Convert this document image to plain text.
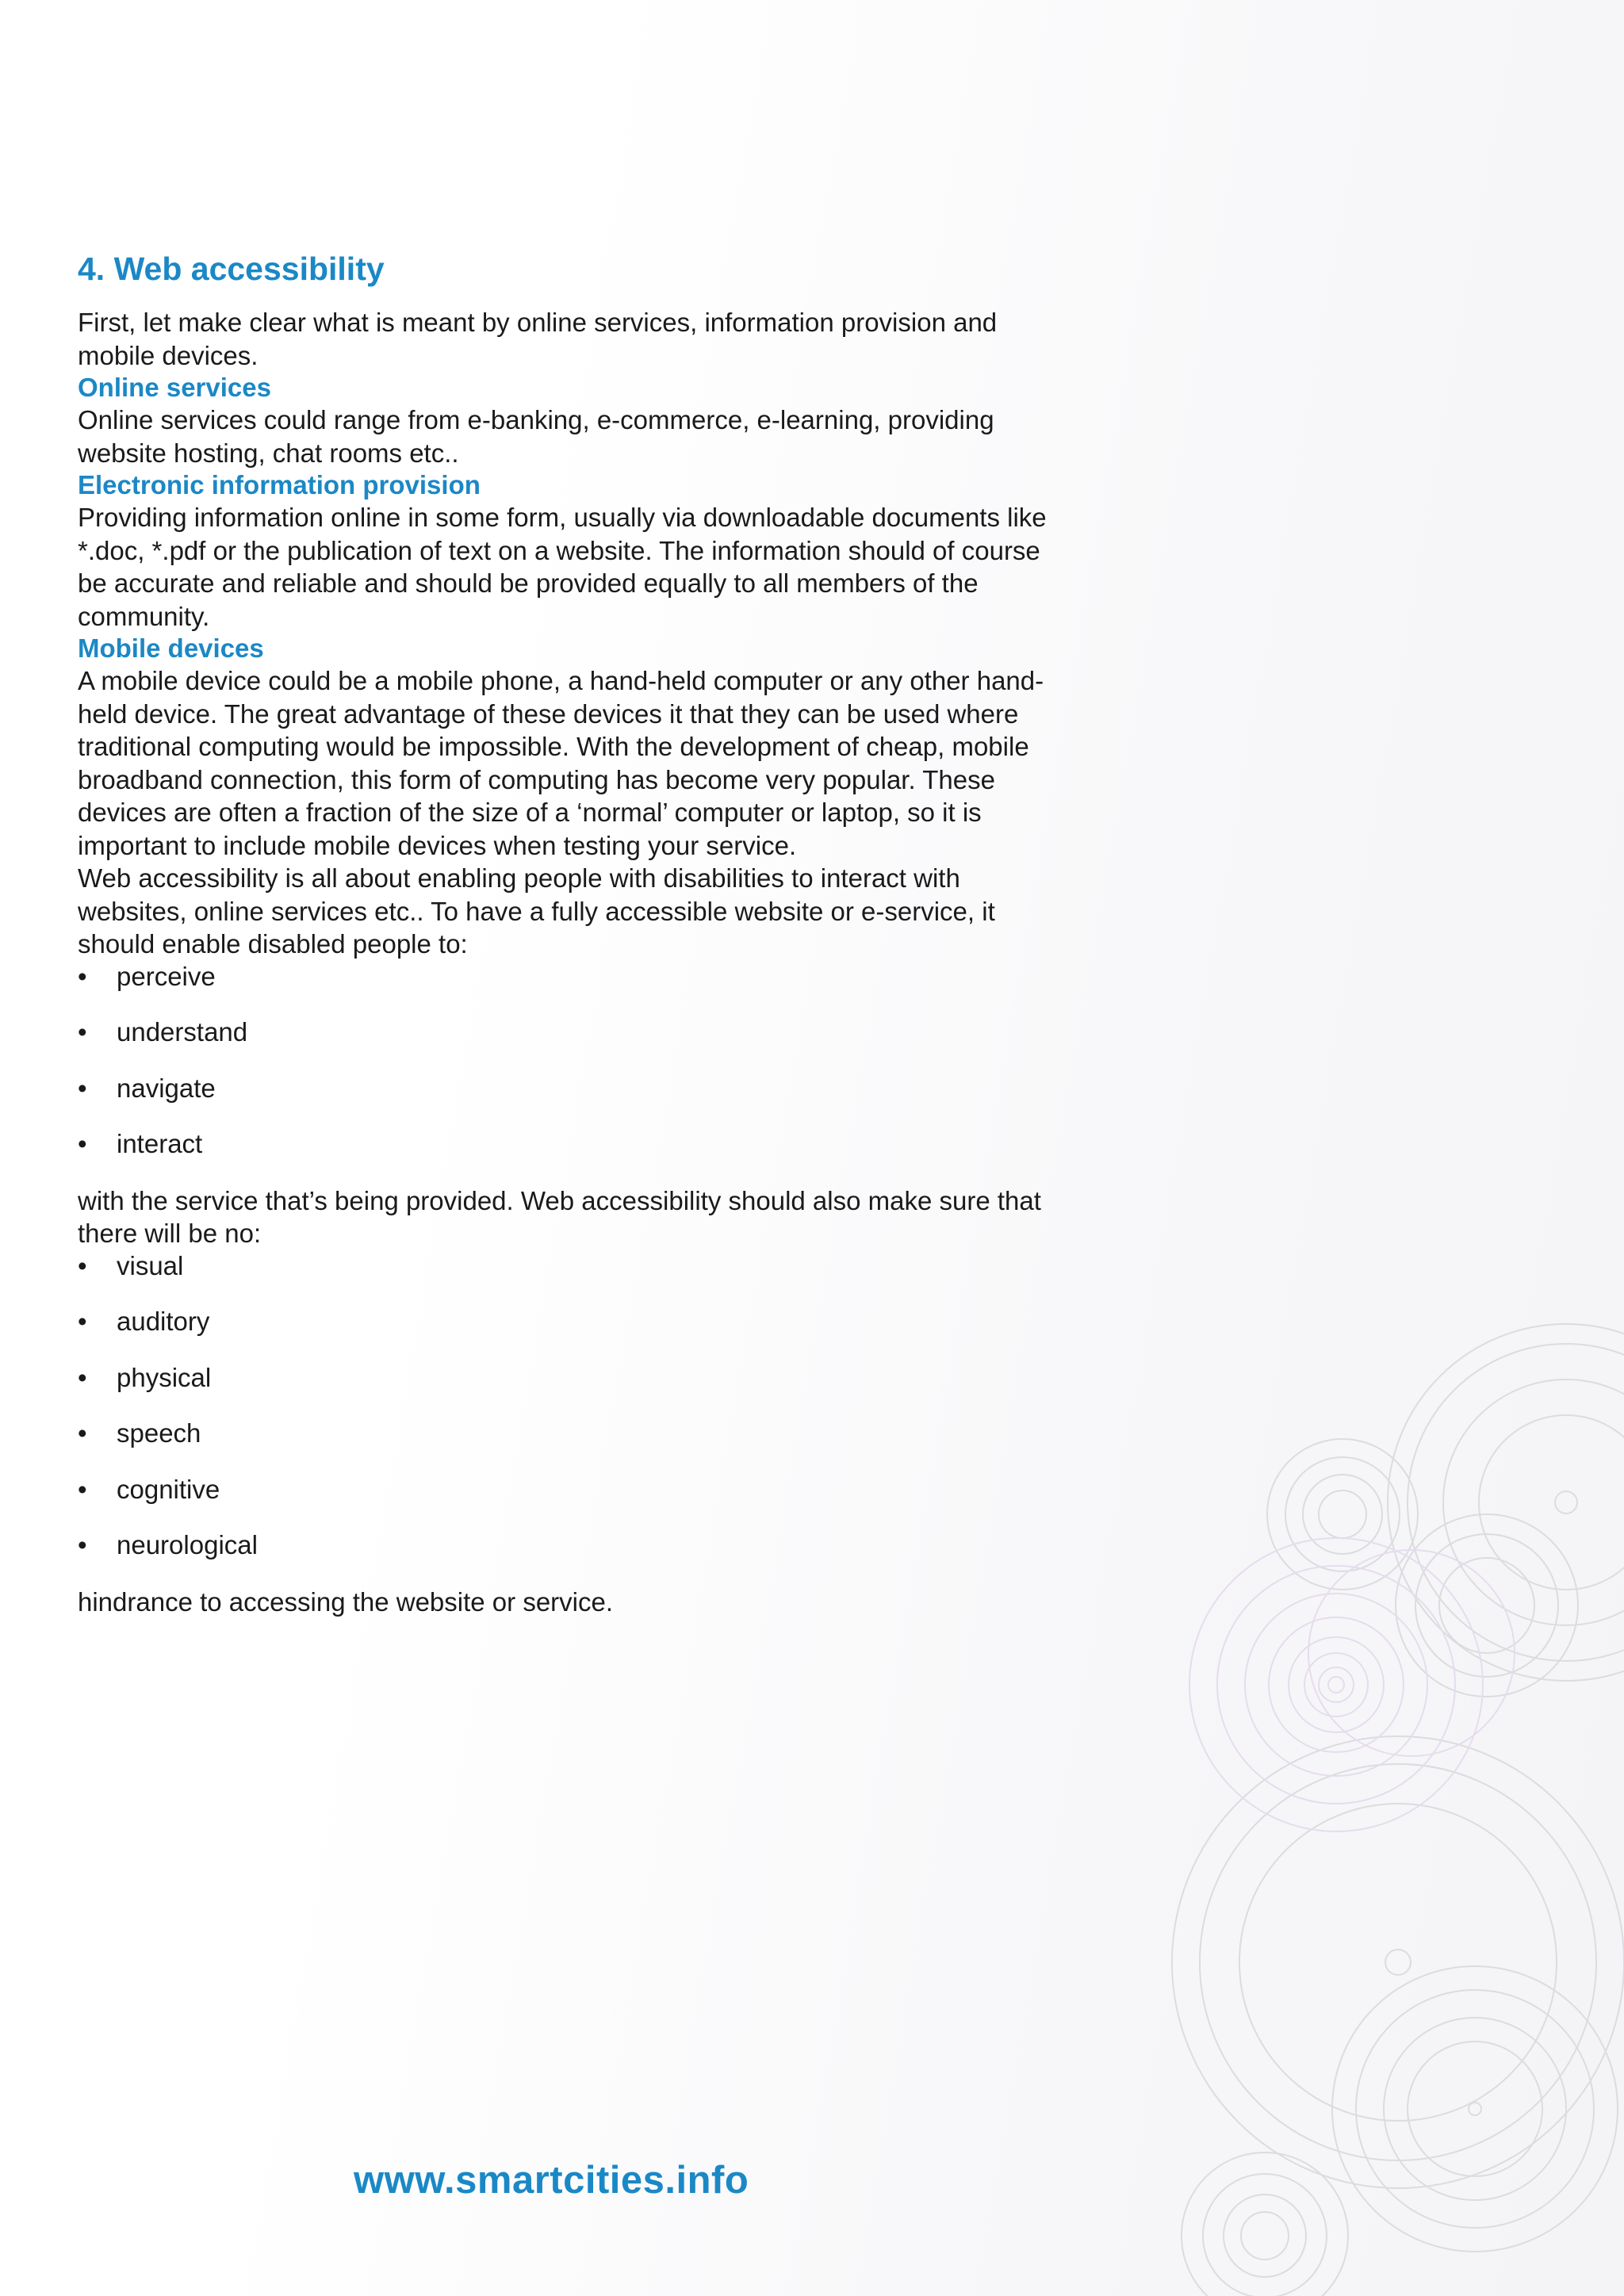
4. Web accessibility

First, let make clear what is meant by online services, information provision and mobile devices.

Online services

Online services could range from e-banking, e-commerce, e-learning, providing website hosting, chat rooms etc..

Electronic information provision

Providing information online in some form, usually via downloadable documents like *.doc, *.pdf or the publication of text on a website. The information should of course be accurate and reliable and should be provided equally to all members of the community.

Mobile devices

A mobile device could be a mobile phone, a hand-held computer or any other hand-held device. The great advantage of these devices it that they can be used where traditional computing would be impossible. With the development of cheap, mobile broadband connection, this form of computing has become very popular. These devices are often a fraction of the size of a ‘normal’ computer or laptop, so it is important to include mobile devices when testing your service.

Web accessibility is all about enabling people with disabilities to interact with websites, online services etc.. To have a fully accessible website or e-service, it should enable disabled people to:

• perceive
• understand
• navigate
• interact

with the service that’s being provided. Web accessibility should also make sure that there will be no:

• visual
• auditory
• physical
• speech
• cognitive
• neurological

hindrance to accessing the website or service.

www.smartcities.info
